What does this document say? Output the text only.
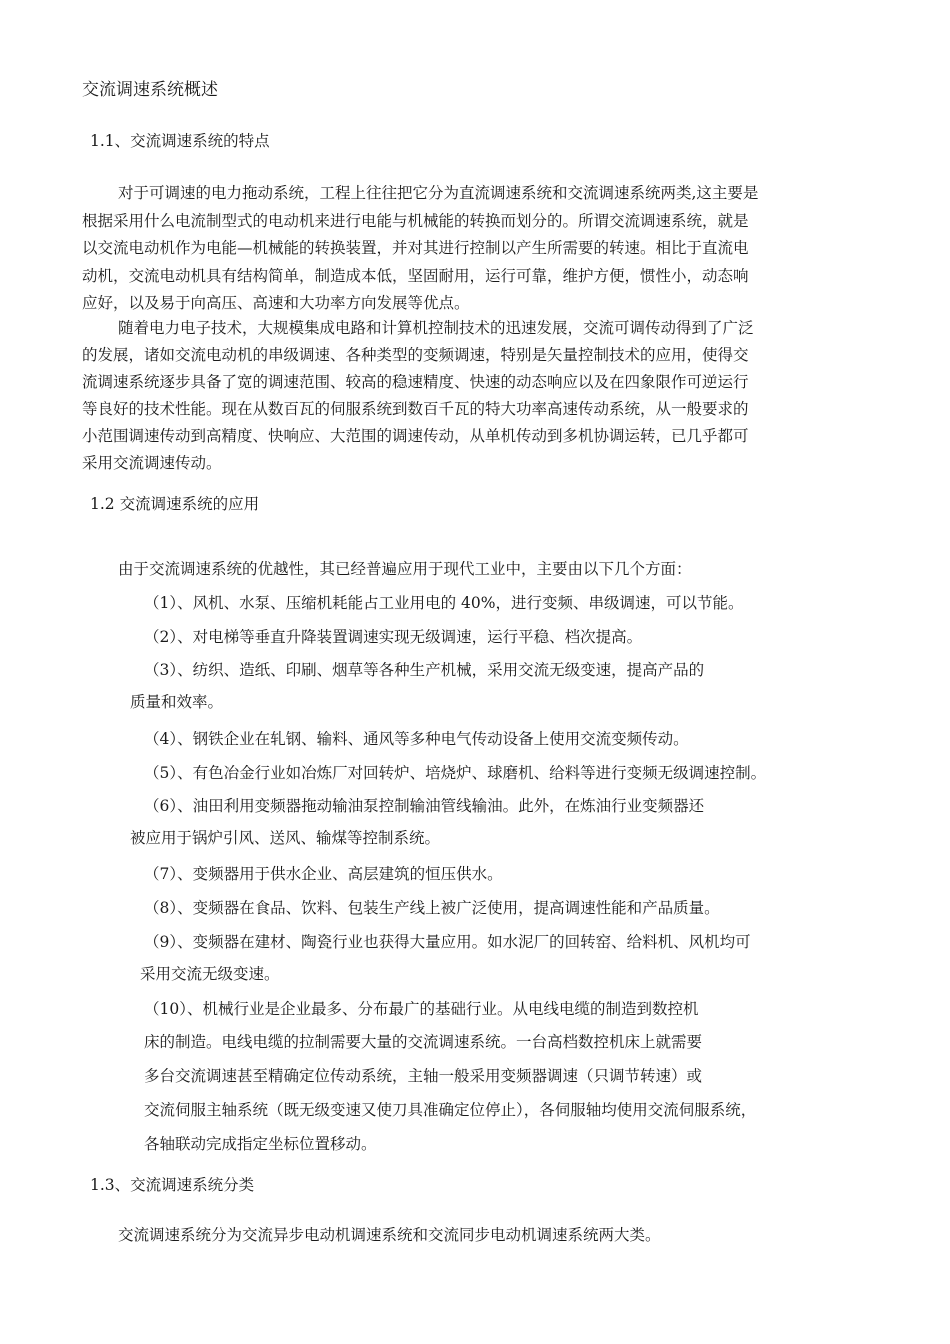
交流调速系统概述
1.1、交流调速系统的特点
对于可调速的电力拖动系统，工程上往往把它分为直流调速系统和交流调速系统两类,这主要是
根据采用什么电流制型式的电动机来进行电能与机械能的转换而划分的。所谓交流调速系统，就是
以交流电动机作为电能—机械能的转换装置，并对其进行控制以产生所需要的转速。相比于直流电
动机，交流电动机具有结构简单，制造成本低，坚固耐用，运行可靠，维护方便，惯性小，动态响
应好，以及易于向高压、高速和大功率方向发展等优点。
随着电力电子技术，大规模集成电路和计算机控制技术的迅速发展，交流可调传动得到了广泛
的发展，诸如交流电动机的串级调速、各种类型的变频调速，特别是矢量控制技术的应用，使得交
流调速系统逐步具备了宽的调速范围、较高的稳速精度、快速的动态响应以及在四象限作可逆运行
等良好的技术性能。现在从数百瓦的伺服系统到数百千瓦的特大功率高速传动系统，从一般要求的
小范围调速传动到高精度、快响应、大范围的调速传动，从单机传动到多机协调运转，已几乎都可
采用交流调速传动。
1.2 交流调速系统的应用
由于交流调速系统的优越性，其已经普遍应用于现代工业中，主要由以下几个方面：
（1）、风机、水泵、压缩机耗能占工业用电的 40%，进行变频、串级调速，可以节能。
（2）、对电梯等垂直升降装置调速实现无级调速，运行平稳、档次提高。
（3）、纺织、造纸、印刷、烟草等各种生产机械，采用交流无级变速，提高产品的
质量和效率。
（4）、钢铁企业在轧钢、输料、通风等多种电气传动设备上使用交流变频传动。
（5）、有色冶金行业如冶炼厂对回转炉、培烧炉、球磨机、给料等进行变频无级调速控制。
（6）、油田利用变频器拖动输油泵控制输油管线输油。此外，在炼油行业变频器还
被应用于锅炉引风、送风、输煤等控制系统。
（7）、变频器用于供水企业、高层建筑的恒压供水。
（8）、变频器在食品、饮料、包装生产线上被广泛使用，提高调速性能和产品质量。
（9）、变频器在建材、陶瓷行业也获得大量应用。如水泥厂的回转窑、给料机、风机均可
采用交流无级变速。
（10）、机械行业是企业最多、分布最广的基础行业。从电线电缆的制造到数控机
床的制造。电线电缆的拉制需要大量的交流调速系统。一台高档数控机床上就需要
多台交流调速甚至精确定位传动系统，主轴一般采用变频器调速（只调节转速）或
交流伺服主轴系统（既无级变速又使刀具准确定位停止），各伺服轴均使用交流伺服系统，
各轴联动完成指定坐标位置移动。
1.3、交流调速系统分类
交流调速系统分为交流异步电动机调速系统和交流同步电动机调速系统两大类。
